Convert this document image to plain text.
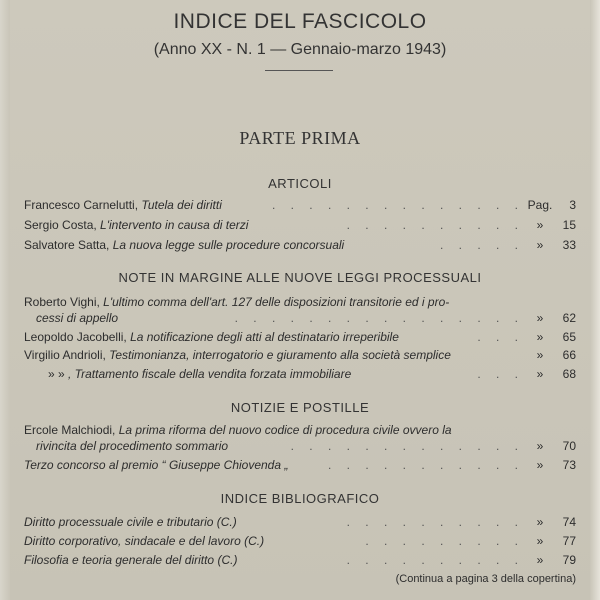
INDICE DEL FASCICOLO
(Anno XX - N. 1 — Gennaio-marzo 1943)
PARTE PRIMA
ARTICOLI
Francesco Carnelutti, Tutela dei diritti	. . . . . . . . . . . . . . Pag. 3
Sergio Costa, L'intervento in causa di terzi	. . . . . . . . . .	» 15
Salvatore Satta, La nuova legge sulle procedure concorsuali	. . . . .	» 33
NOTE IN MARGINE ALLE NUOVE LEGGI PROCESSUALI
Roberto Vighi, L'ultimo comma dell'art. 127 delle disposizioni transitorie ed i pro-
cessi di appello	. . . . . . . . . . . . . . . .	» 62
Leopoldo Jacobelli, La notificazione degli atti al destinatario irreperibile	. . .	» 65
Virgilio Andrioli, Testimonianza, interrogatorio e giuramento alla società semplice	» 66
» » , Trattamento fiscale della vendita forzata immobiliare	. . .	» 68
NOTIZIE E POSTILLE
Ercole Malchiodi, La prima riforma del nuovo codice di procedura civile ovvero la
rivincita del procedimento sommario	. . . . . . . . . . . . .	» 70
Terzo concorso al premio “ Giuseppe Chiovenda „	. . . . . . . . . . .	» 73
INDICE BIBLIOGRAFICO
Diritto processuale civile e tributario (C.)	. . . . . . . . . .	» 74
Diritto corporativo, sindacale e del lavoro (C.)	. . . . . . . . .	» 77
Filosofia e teoria generale del diritto (C.)	. . . . . . . . . .	» 79
(Continua a pagina 3 della copertina)
